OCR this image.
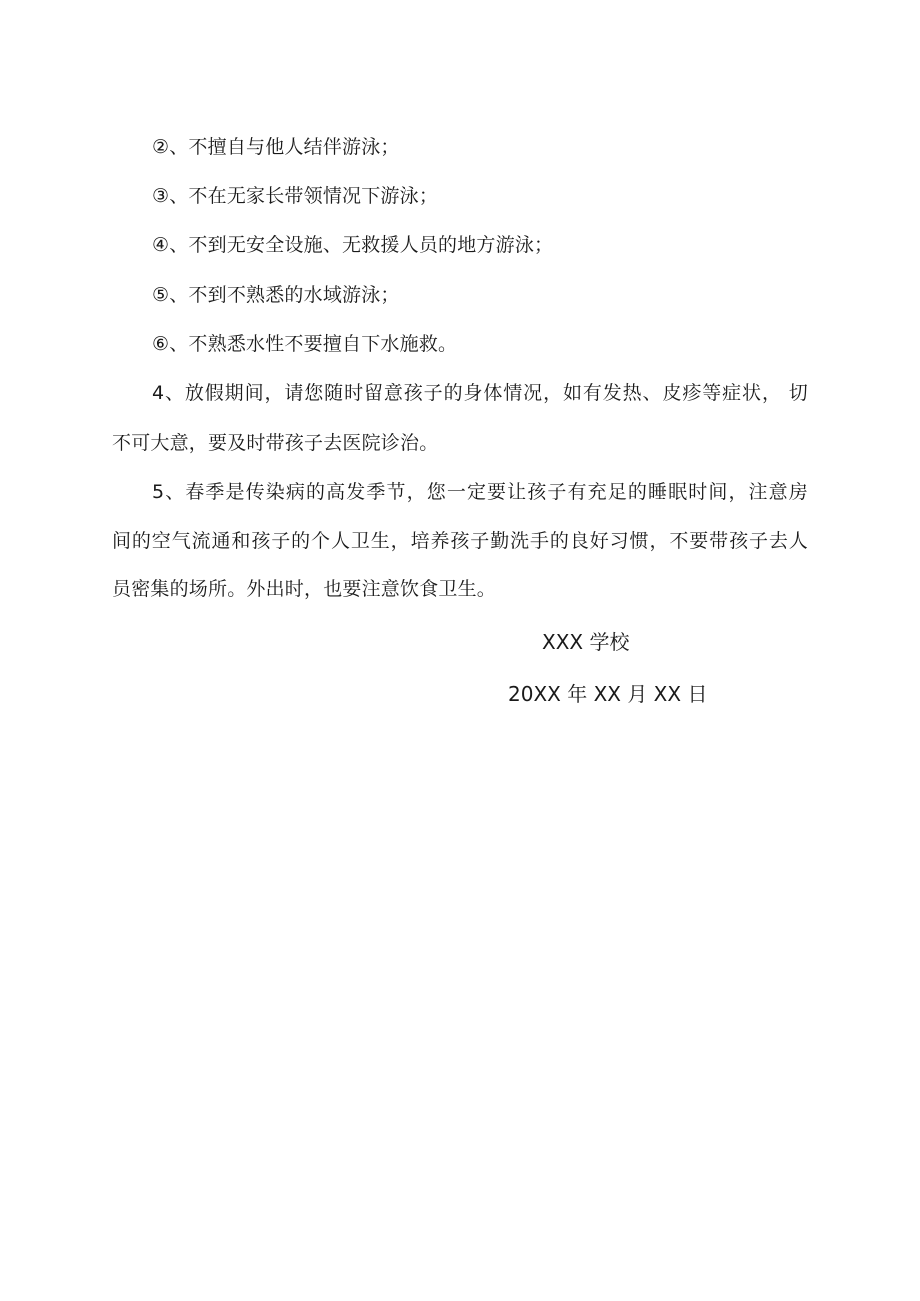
②、不擅自与他人结伴游泳；
③、不在无家长带领情况下游泳；
④、不到无安全设施、无救援人员的地方游泳；
⑤、不到不熟悉的水域游泳；
⑥、不熟悉水性不要擅自下水施救。
4、放假期间，请您随时留意孩子的身体情况，如有发热、皮疹等症状， 切
不可大意，要及时带孩子去医院诊治。
5、春季是传染病的高发季节，您一定要让孩子有充足的睡眠时间，注意房
间的空气流通和孩子的个人卫生，培养孩子勤洗手的良好习惯，不要带孩子去人
员密集的场所。外出时，也要注意饮食卫生。
XXX 学校
20XX 年 XX 月 XX 日
